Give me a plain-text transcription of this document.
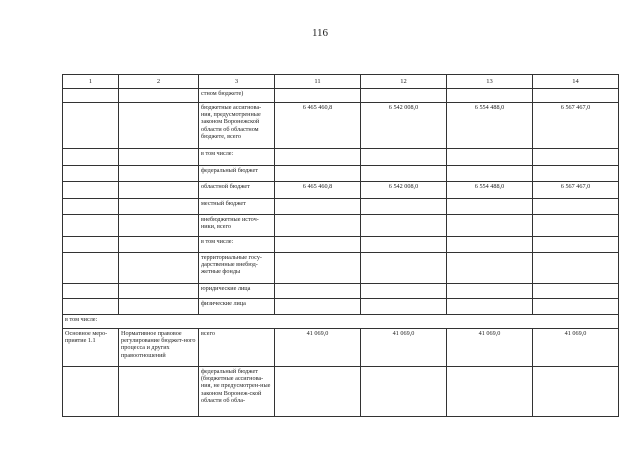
116
1	2	3	11	12	13	14
		стном бюджете)				
		бюджетные ассигнова-ния, предусмотренные законом Воронежской области об областном бюджете, всего	6 465 460,8	6 542 008,0	6 554 488,0	6 567 467,0
		в том числе:				
		федеральный бюджет				
		областной бюджет	6 465 460,8	6 542 008,0	6 554 488,0	6 567 467,0
		местный бюджет				
		внебюджетные источ-ники, всего				
		в том числе:				
		территориальные госу-дарственные внебюд-жетные фонды				
		юридические лица				
		физические лица				
в том числе:						
Основное меро-приятие 1.1	Нормативное правовое регулирование бюджет-ного процесса и других правоотношений	всего	41 069,0	41 069,0	41 069,0	41 069,0
		федеральный бюджет (бюджетные ассигнова-ния, не предусмотрен-ные законом Воронеж-ской области об обла-				
